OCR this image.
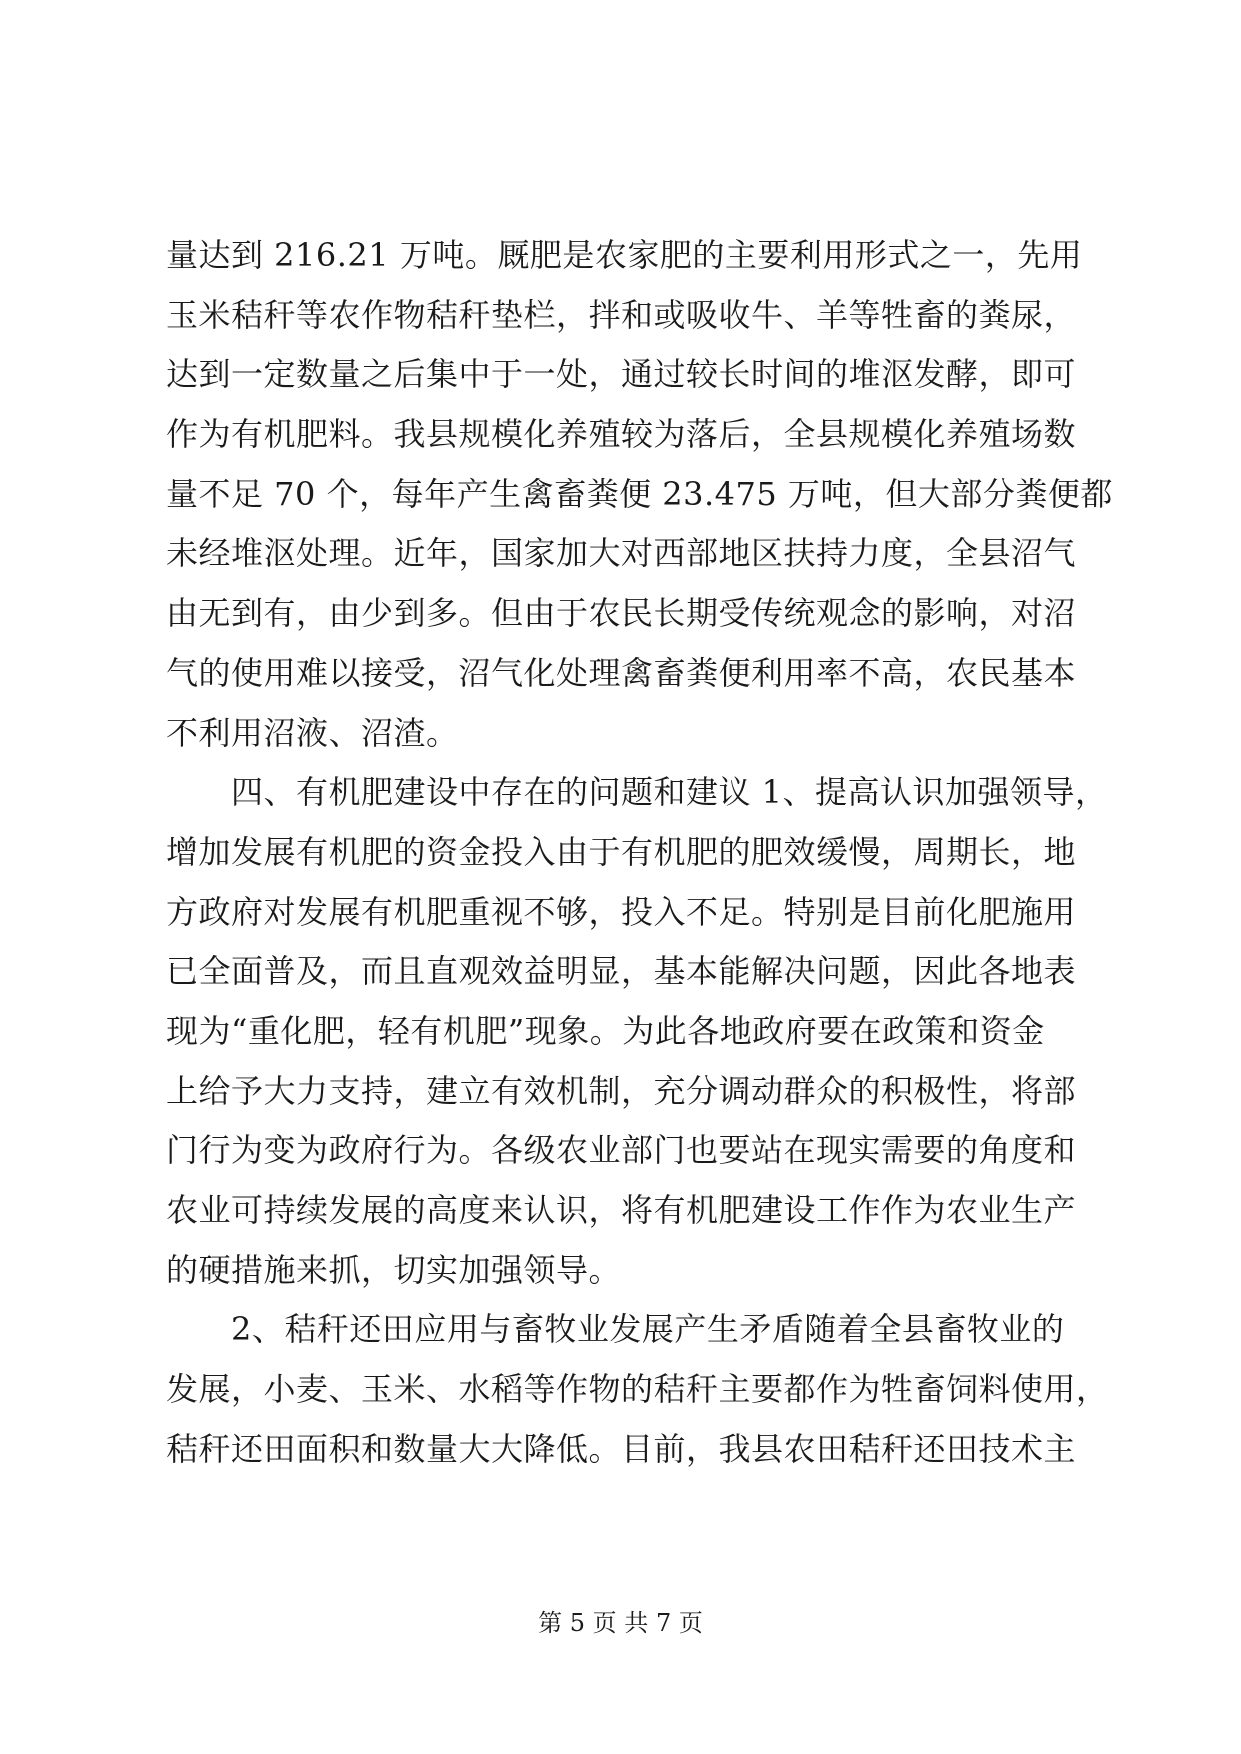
量达到 216.21 万吨。厩肥是农家肥的主要利用形式之一，先用
玉米秸秆等农作物秸秆垫栏，拌和或吸收牛、羊等牲畜的粪尿，
达到一定数量之后集中于一处，通过较长时间的堆沤发酵，即可
作为有机肥料。我县规模化养殖较为落后，全县规模化养殖场数
量不足 70 个，每年产生禽畜粪便 23.475 万吨，但大部分粪便都
未经堆沤处理。近年，国家加大对西部地区扶持力度，全县沼气
由无到有，由少到多。但由于农民长期受传统观念的影响，对沼
气的使用难以接受，沼气化处理禽畜粪便利用率不高，农民基本
不利用沼液、沼渣。
　　四、有机肥建设中存在的问题和建议 1、提高认识加强领导，
增加发展有机肥的资金投入由于有机肥的肥效缓慢，周期长，地
方政府对发展有机肥重视不够，投入不足。特别是目前化肥施用
已全面普及，而且直观效益明显，基本能解决问题，因此各地表
现为“重化肥，轻有机肥”现象。为此各地政府要在政策和资金
上给予大力支持，建立有效机制，充分调动群众的积极性，将部
门行为变为政府行为。各级农业部门也要站在现实需要的角度和
农业可持续发展的高度来认识，将有机肥建设工作作为农业生产
的硬措施来抓，切实加强领导。
　　2、秸秆还田应用与畜牧业发展产生矛盾随着全县畜牧业的
发展，小麦、玉米、水稻等作物的秸秆主要都作为牲畜饲料使用，
秸秆还田面积和数量大大降低。目前，我县农田秸秆还田技术主
第 5 页 共 7 页
